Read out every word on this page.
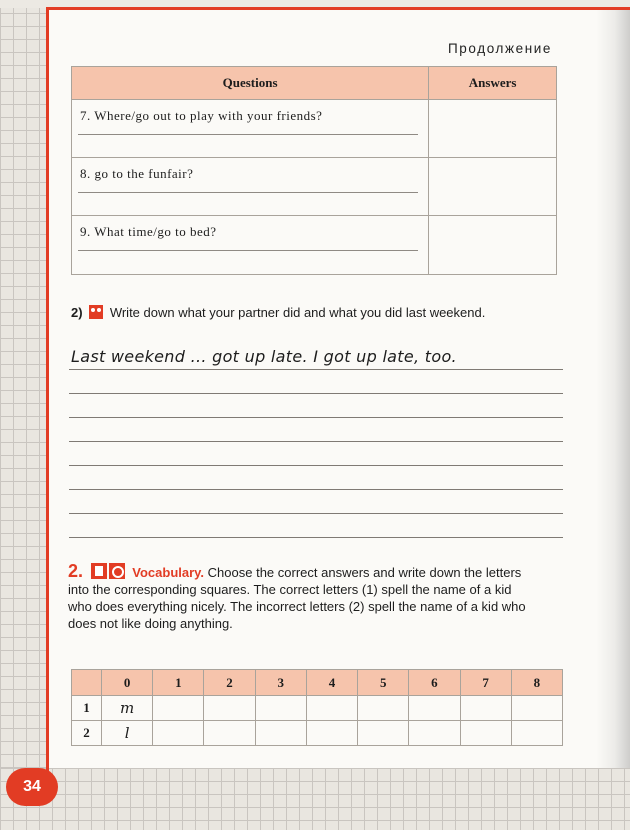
Продолжение
Questions	Answers

7. Where/go out to play with your friends?	

8. go to the funfair?	

9. What time/go to bed?	

2) Write down what your partner did and what you did last weekend.
Last weekend ... got up late. I got up late, too.
2.	Vocabulary. Choose the correct answers and write down the letters into the corresponding squares. The correct letters (1) spell the name of a kid who does everything nicely. The incorrect letters (2) spell the name of a kid who does not like doing anything.
	0	1	2	3	4	5	6	7	8
1	m								
2	l								
34
